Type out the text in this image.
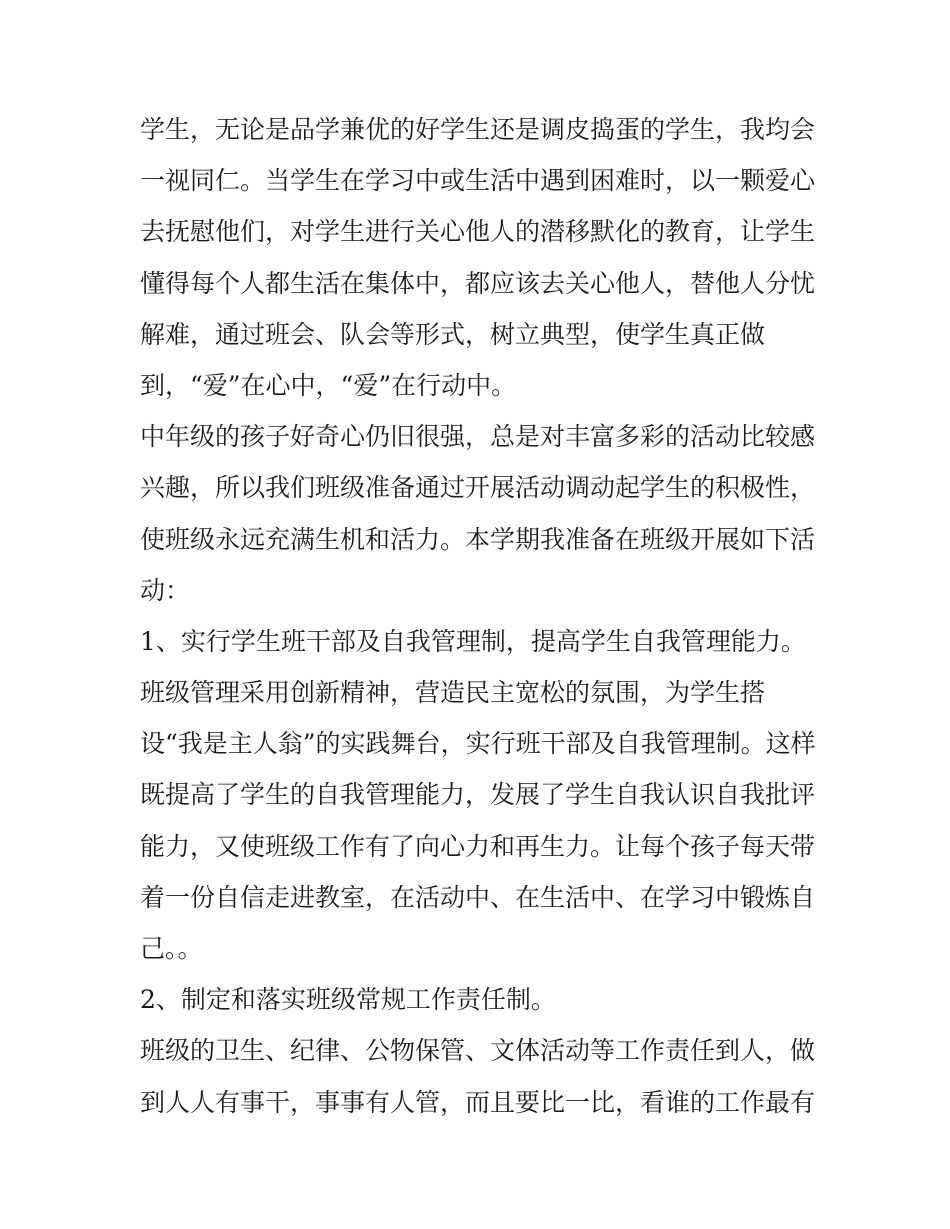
学生，无论是品学兼优的好学生还是调皮捣蛋的学生，我均会
一视同仁。当学生在学习中或生活中遇到困难时，以一颗爱心
去抚慰他们，对学生进行关心他人的潜移默化的教育，让学生
懂得每个人都生活在集体中，都应该去关心他人，替他人分忧
解难，通过班会、队会等形式，树立典型，使学生真正做
到，“爱”在心中，“爱”在行动中。
中年级的孩子好奇心仍旧很强，总是对丰富多彩的活动比较感
兴趣，所以我们班级准备通过开展活动调动起学生的积极性，
使班级永远充满生机和活力。本学期我准备在班级开展如下活
动：
1、实行学生班干部及自我管理制，提高学生自我管理能力。
班级管理采用创新精神，营造民主宽松的氛围，为学生搭
设“我是主人翁”的实践舞台，实行班干部及自我管理制。这样
既提高了学生的自我管理能力，发展了学生自我认识自我批评
能力，又使班级工作有了向心力和再生力。让每个孩子每天带
着一份自信走进教室，在活动中、在生活中、在学习中锻炼自
己。。
2、制定和落实班级常规工作责任制。
班级的卫生、纪律、公物保管、文体活动等工作责任到人，做
到人人有事干，事事有人管，而且要比一比，看谁的工作最有
